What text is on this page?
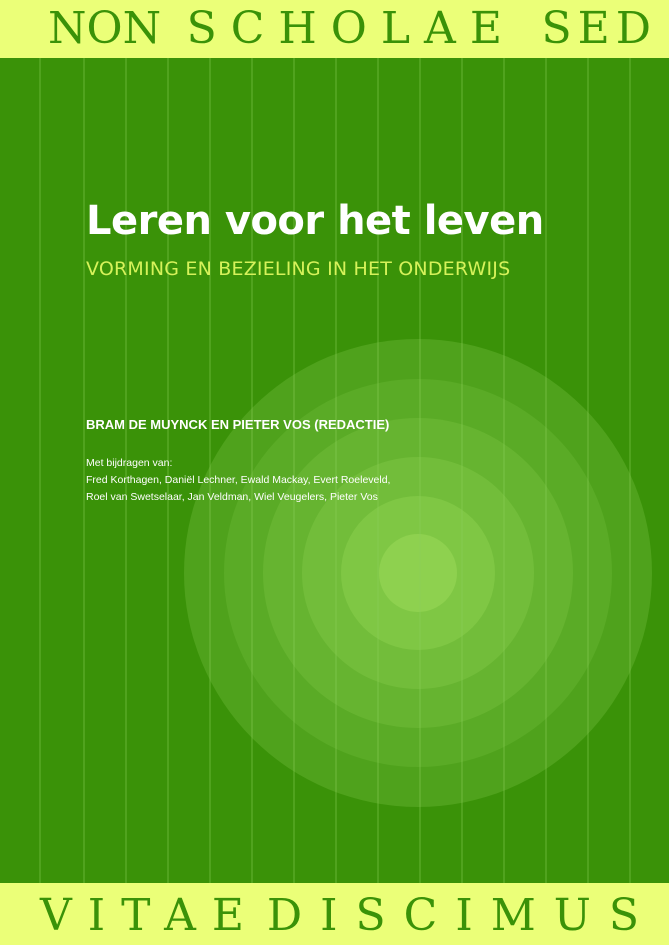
NON SCHOLAE SED
VITAE DISCIMUS
Leren voor het leven
VORMING EN BEZIELING IN HET ONDERWIJS
BRAM DE MUYNCK EN PIETER VOS (REDACTIE)
Met bijdragen van:
Fred Korthagen, Daniël Lechner, Ewald Mackay, Evert Roeleveld,
Roel van Swetselaar, Jan Veldman, Wiel Veugelers, Pieter Vos
